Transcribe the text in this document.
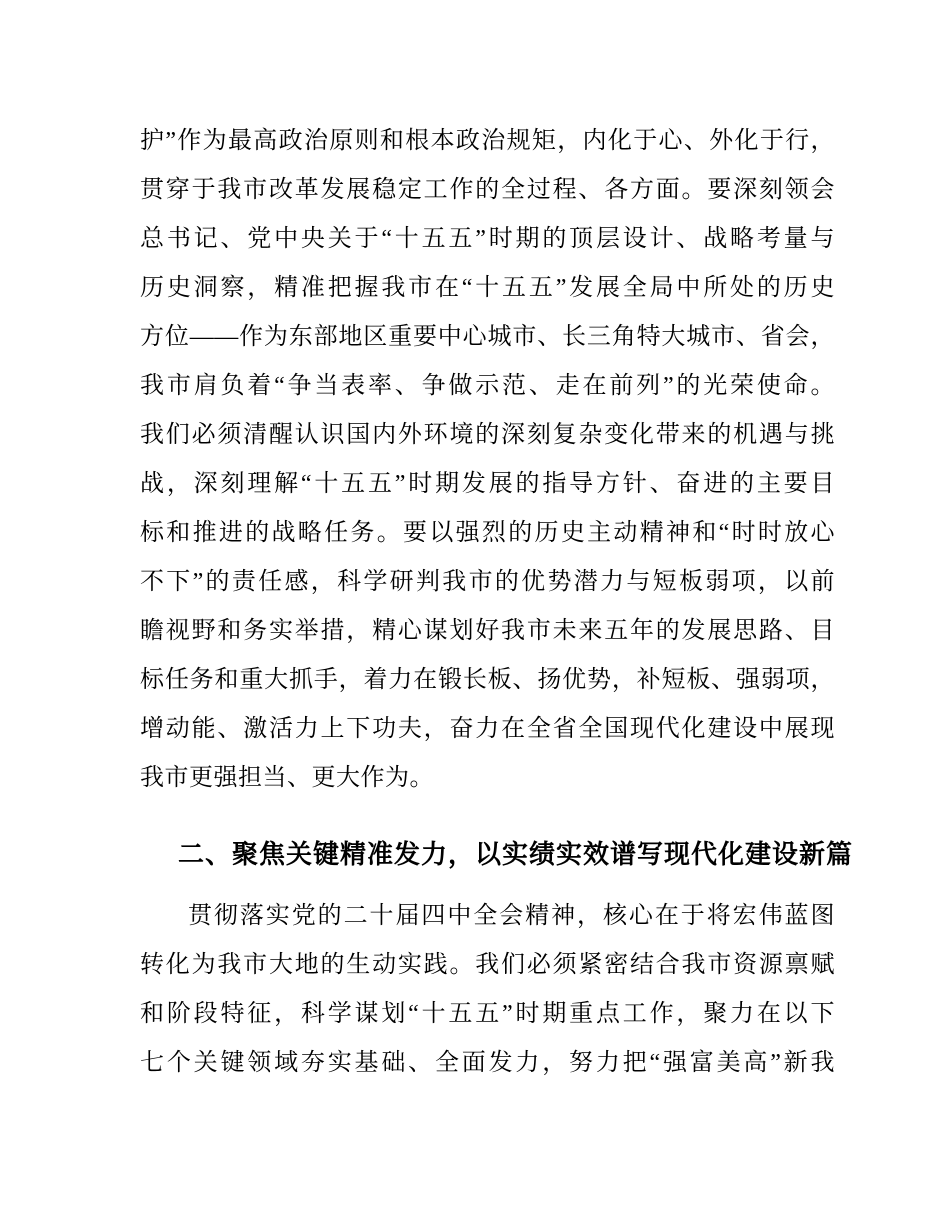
护”作为最高政治原则和根本政治规矩，内化于心、外化于行，
贯穿于我市改革发展稳定工作的全过程、各方面。要深刻领会
总书记、党中央关于“十五五”时期的顶层设计、战略考量与
历史洞察，精准把握我市在“十五五”发展全局中所处的历史
方位——作为东部地区重要中心城市、长三角特大城市、省会，
我市肩负着“争当表率、争做示范、走在前列”的光荣使命。
我们必须清醒认识国内外环境的深刻复杂变化带来的机遇与挑
战，深刻理解“十五五”时期发展的指导方针、奋进的主要目
标和推进的战略任务。要以强烈的历史主动精神和“时时放心
不下”的责任感，科学研判我市的优势潜力与短板弱项，以前
瞻视野和务实举措，精心谋划好我市未来五年的发展思路、目
标任务和重大抓手，着力在锻长板、扬优势，补短板、强弱项，
增动能、激活力上下功夫，奋力在全省全国现代化建设中展现
我市更强担当、更大作为。
二、聚焦关键精准发力，以实绩实效谱写现代化建设新篇
贯彻落实党的二十届四中全会精神，核心在于将宏伟蓝图
转化为我市大地的生动实践。我们必须紧密结合我市资源禀赋
和阶段特征，科学谋划“十五五”时期重点工作，聚力在以下
七个关键领域夯实基础、全面发力，努力把“强富美高”新我
